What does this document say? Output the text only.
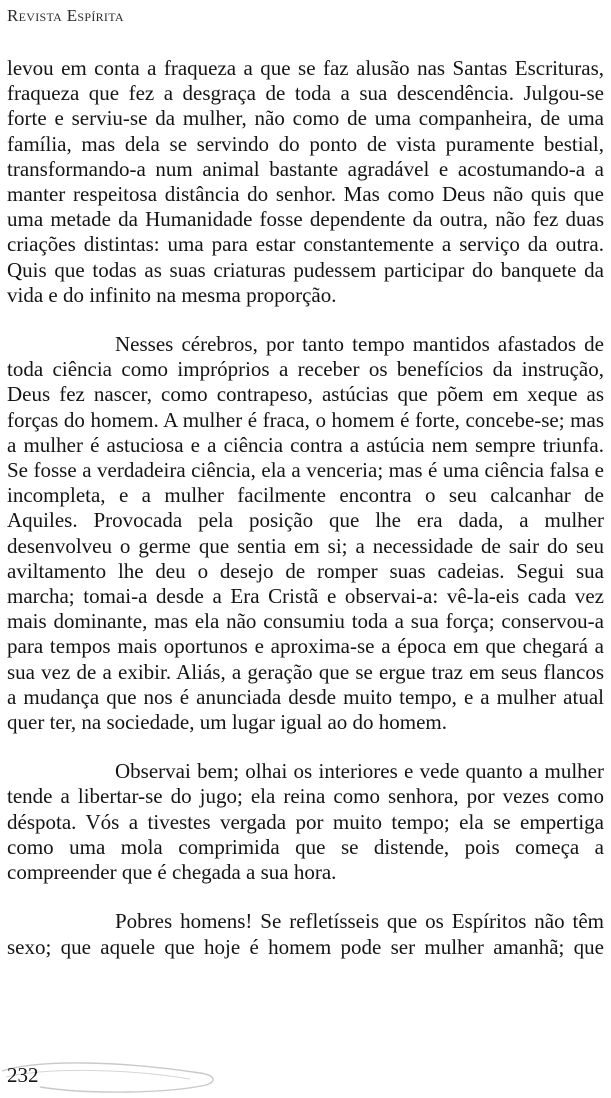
Revista Espírita

levou em conta a fraqueza a que se faz alusão nas Santas Escrituras, fraqueza que fez a desgraça de toda a sua descendência. Julgou-se forte e serviu-se da mulher, não como de uma companheira, de uma família, mas dela se servindo do ponto de vista puramente bestial, transformando-a num animal bastante agradável e acostumando-a a manter respeitosa distância do senhor. Mas como Deus não quis que uma metade da Humanidade fosse dependente da outra, não fez duas criações distintas: uma para estar constantemente a serviço da outra. Quis que todas as suas criaturas pudessem participar do banquete da vida e do infinito na mesma proporção.

Nesses cérebros, por tanto tempo mantidos afastados de toda ciência como impróprios a receber os benefícios da instrução, Deus fez nascer, como contrapeso, astúcias que põem em xeque as forças do homem. A mulher é fraca, o homem é forte, concebe-se; mas a mulher é astuciosa e a ciência contra a astúcia nem sempre triunfa. Se fosse a verdadeira ciência, ela a venceria; mas é uma ciência falsa e incompleta, e a mulher facilmente encontra o seu calcanhar de Aquiles. Provocada pela posição que lhe era dada, a mulher desenvolveu o germe que sentia em si; a necessidade de sair do seu aviltamento lhe deu o desejo de romper suas cadeias. Segui sua marcha; tomai-a desde a Era Cristã e observai-a: vê-la-eis cada vez mais dominante, mas ela não consumiu toda a sua força; conservou-a para tempos mais oportunos e aproxima-se a época em que chegará a sua vez de a exibir. Aliás, a geração que se ergue traz em seus flancos a mudança que nos é anunciada desde muito tempo, e a mulher atual quer ter, na sociedade, um lugar igual ao do homem.

Observai bem; olhai os interiores e vede quanto a mulher tende a libertar-se do jugo; ela reina como senhora, por vezes como déspota. Vós a tivestes vergada por muito tempo; ela se empertiga como uma mola comprimida que se distende, pois começa a compreender que é chegada a sua hora.

Pobres homens! Se refletísseis que os Espíritos não têm sexo; que aquele que hoje é homem pode ser mulher amanhã; que

232
